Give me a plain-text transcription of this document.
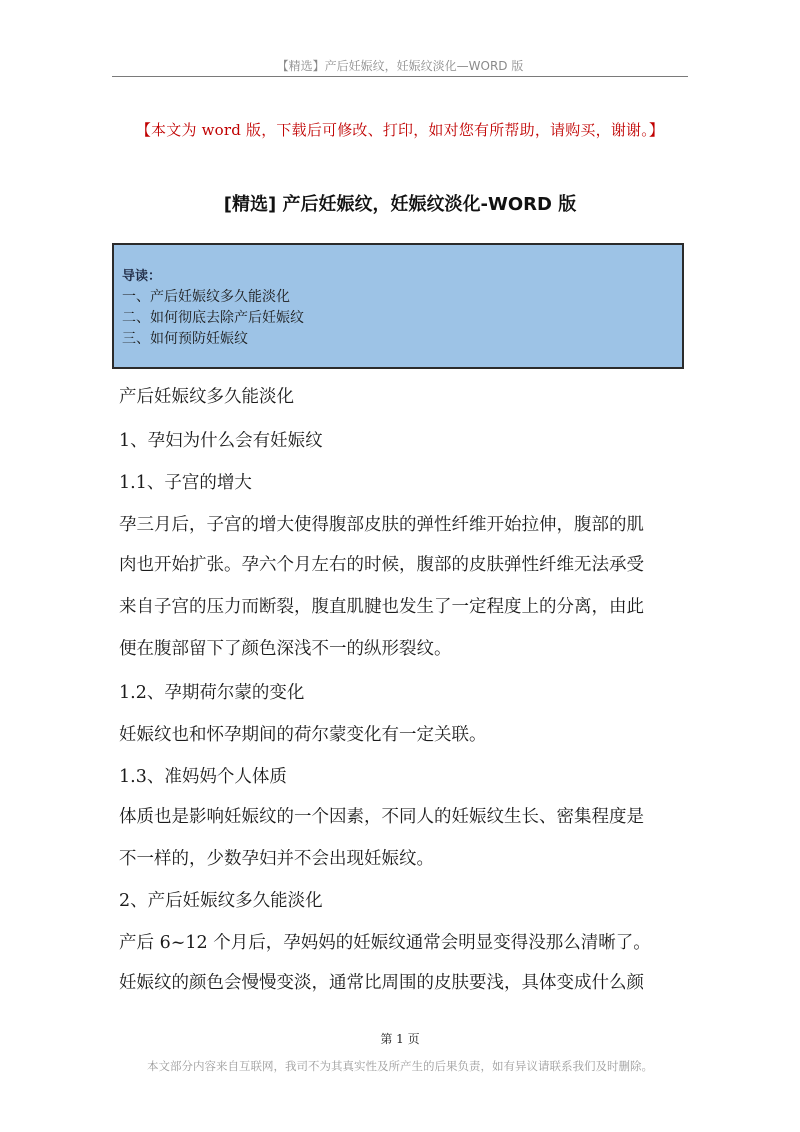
【精选】产后妊娠纹，妊娠纹淡化—WORD 版
【本文为 word 版，下载后可修改、打印，如对您有所帮助，请购买，谢谢。】
[精选] 产后妊娠纹，妊娠纹淡化-WORD 版
导读：
一、产后妊娠纹多久能淡化
二、如何彻底去除产后妊娠纹
三、如何预防妊娠纹
产后妊娠纹多久能淡化
1、孕妇为什么会有妊娠纹
1.1、子宫的增大
孕三月后，子宫的增大使得腹部皮肤的弹性纤维开始拉伸，腹部的肌
肉也开始扩张。孕六个月左右的时候，腹部的皮肤弹性纤维无法承受
来自子宫的压力而断裂，腹直肌腱也发生了一定程度上的分离，由此
便在腹部留下了颜色深浅不一的纵形裂纹。
1.2、孕期荷尔蒙的变化
妊娠纹也和怀孕期间的荷尔蒙变化有一定关联。
1.3、准妈妈个人体质
体质也是影响妊娠纹的一个因素，不同人的妊娠纹生长、密集程度是
不一样的，少数孕妇并不会出现妊娠纹。
2、产后妊娠纹多久能淡化
产后 6~12 个月后，孕妈妈的妊娠纹通常会明显变得没那么清晰了。
妊娠纹的颜色会慢慢变淡，通常比周围的皮肤要浅，具体变成什么颜
第 1 页
本文部分内容来自互联网，我司不为其真实性及所产生的后果负责，如有异议请联系我们及时删除。
